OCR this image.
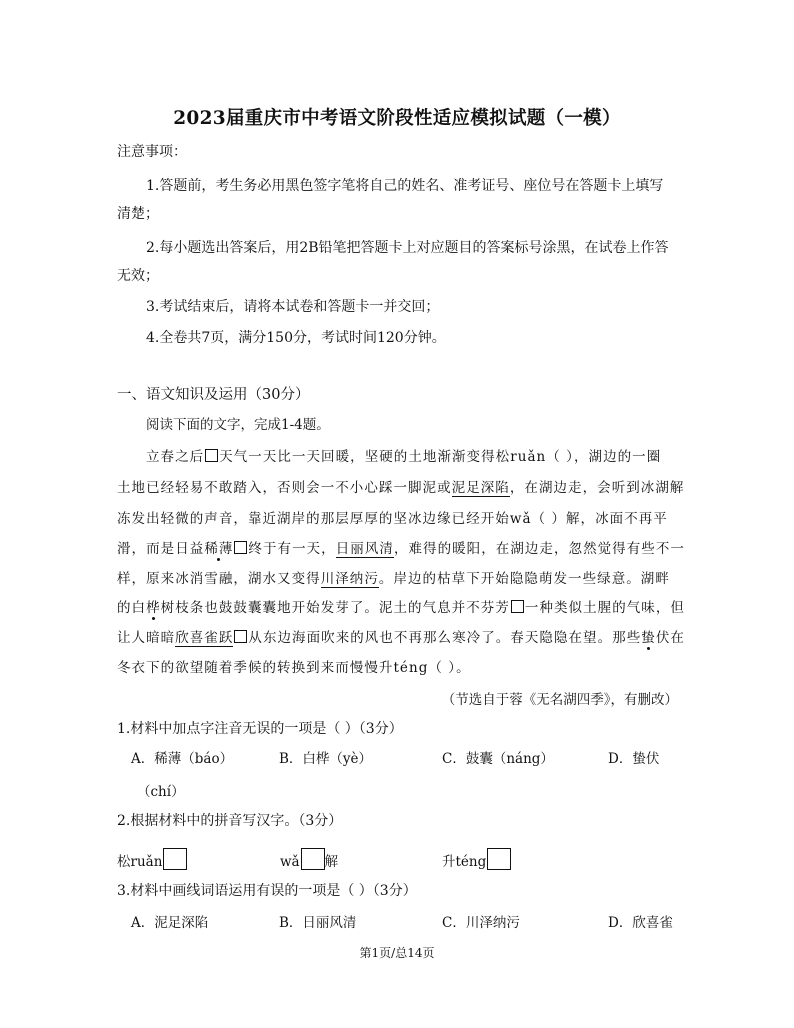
2023届重庆市中考语文阶段性适应模拟试题（一模）
注意事项：
1.答题前，考生务必用黑色签字笔将自己的姓名、准考证号、座位号在答题卡上填写
清楚；
2.每小题选出答案后，用2B铅笔把答题卡上对应题目的答案标号涂黑，在试卷上作答
无效；
3.考试结束后，请将本试卷和答题卡一并交回；
4.全卷共7页，满分150分，考试时间120分钟。
一、语文知识及运用（30分）
阅读下面的文字，完成1-4题。
立春之后 天气一天比一天回暖，坚硬的土地渐渐变得松ruǎn（ ），湖边的一圈
土地已经轻易不敢踏入，否则会一不小心踩一脚泥或泥足深陷，在湖边走，会听到冰湖解
冻发出轻微的声音，靠近湖岸的那层厚厚的坚冰边缘已经开始wǎ（ ）解，冰面不再平
滑，而是日益稀薄 终于有一天，日丽风清，难得的暖阳，在湖边走，忽然觉得有些不一
样，原来冰消雪融，湖水又变得川泽纳污。岸边的枯草下开始隐隐萌发一些绿意。湖畔
的白桦树枝条也鼓鼓囊囊地开始发芽了。泥土的气息并不芬芳 一种类似土腥的气味，但
让人暗暗欣喜雀跃 从东边海面吹来的风也不再那么寒冷了。春天隐隐在望。那些蛰伏在
冬衣下的欲望随着季候的转换到来而慢慢升téng（ ）。
（节选自于蓉《无名湖四季》，有删改）
1.材料中加点字注音无误的一项是（ ）（3分）
A．稀薄（báo）	B．白桦（yè）	C．鼓囊（náng）	D．蛰伏
（chí）
2.根据材料中的拼音写汉字。（3分）
松ruǎn	wǎ 解	升téng
3.材料中画线词语运用有误的一项是（ ）（3分）
A．泥足深陷	B．日丽风清	C．川泽纳污	D．欣喜雀
第1页/总14页
